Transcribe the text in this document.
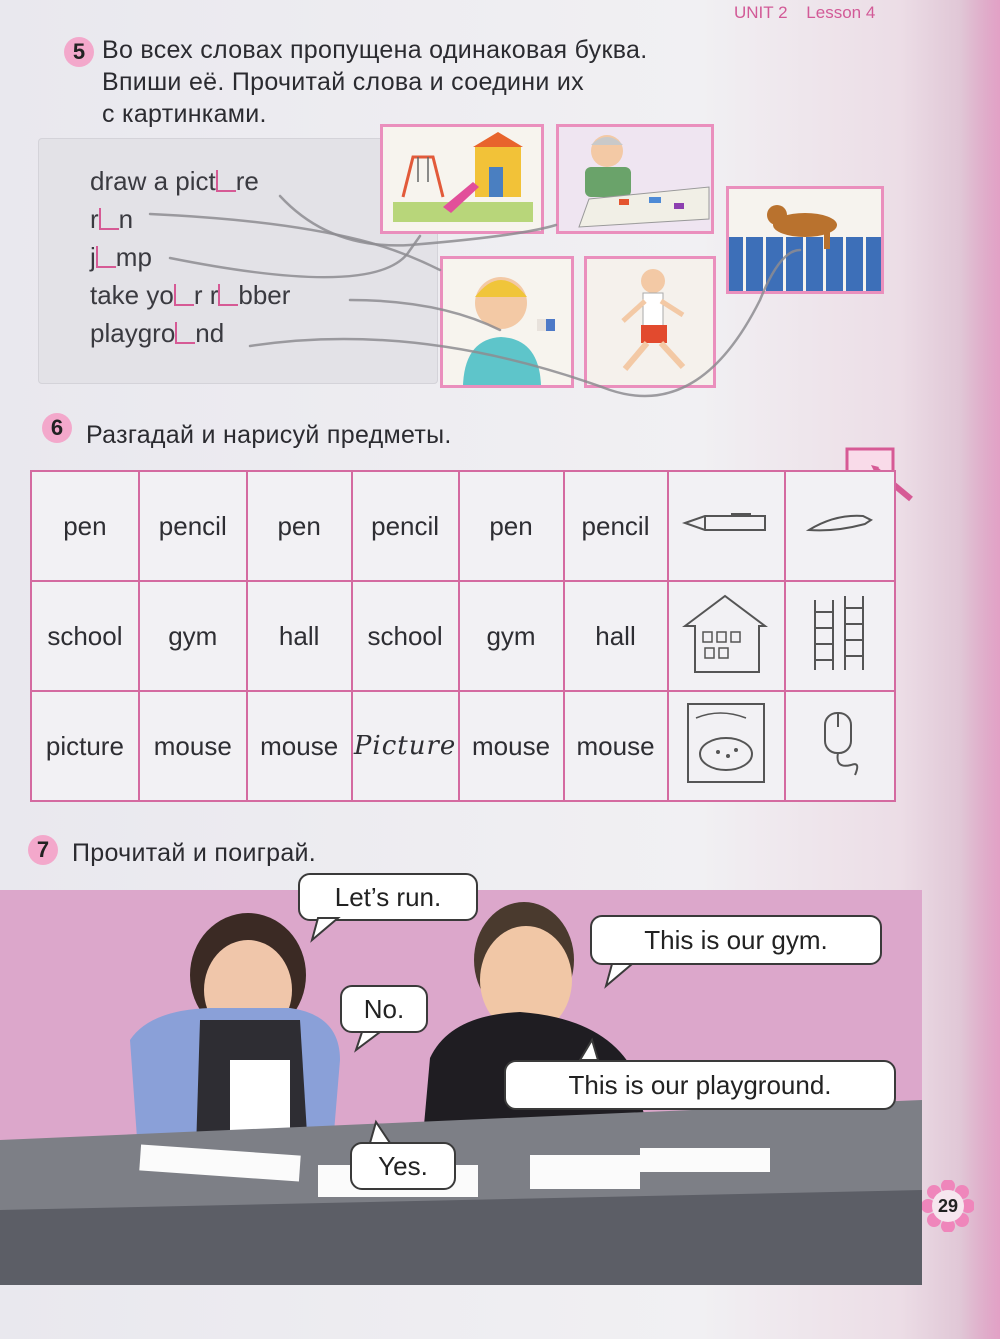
UNIT 2 Lesson 4
5 Во всех словах пропущена одинаковая буква.
Впиши её. Прочитай слова и соедини их
с картинками.
draw a pict re
r n
j mp
take yo r r bber
playgro nd
6 Разгадай и нарисуй предметы.
pen	pencil	pen	pencil	pen	pencil		
school	gym	hall	school	gym	hall		
picture	mouse	mouse	Picture	mouse	mouse		
7 Прочитай и поиграй.
Let’s run.
This is our gym.
No.
This is our playground.
Yes.
29
